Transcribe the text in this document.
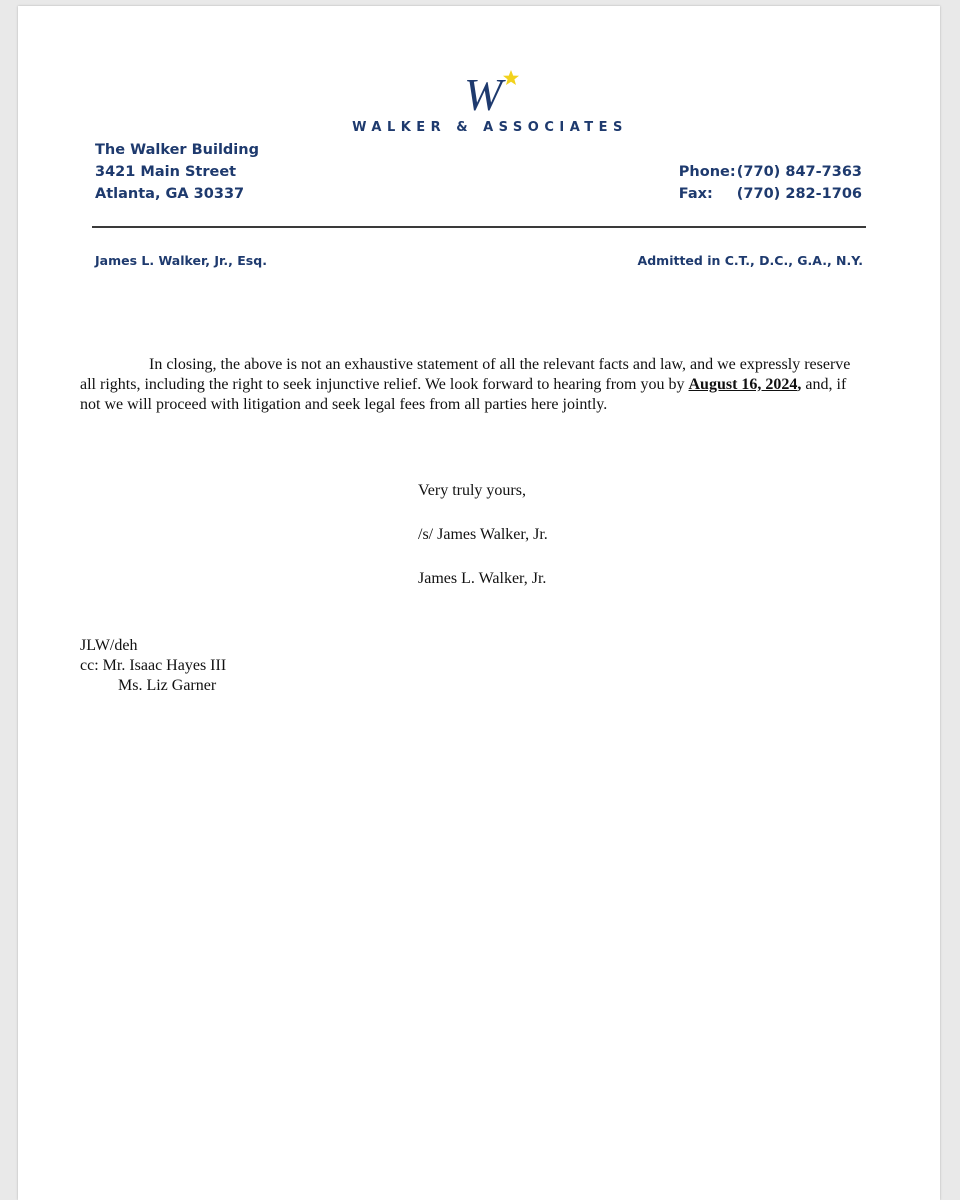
W
WALKER & ASSOCIATES
The Walker Building
3421 Main Street
Atlanta, GA 30337
Phone: (770) 847-7363
Fax:	(770) 282-1706
James L. Walker, Jr., Esq.	Admitted in C.T., D.C., G.A., N.Y.

In closing, the above is not an exhaustive statement of all the relevant facts and law, and we expressly reserve all rights, including the right to seek injunctive relief. We look forward to hearing from you by August 16, 2024, and, if not we will proceed with litigation and seek legal fees from all parties here jointly.

Very truly yours,
/s/ James Walker, Jr.
James L. Walker, Jr.
JLW/deh
cc: Mr. Isaac Hayes III
Ms. Liz Garner
